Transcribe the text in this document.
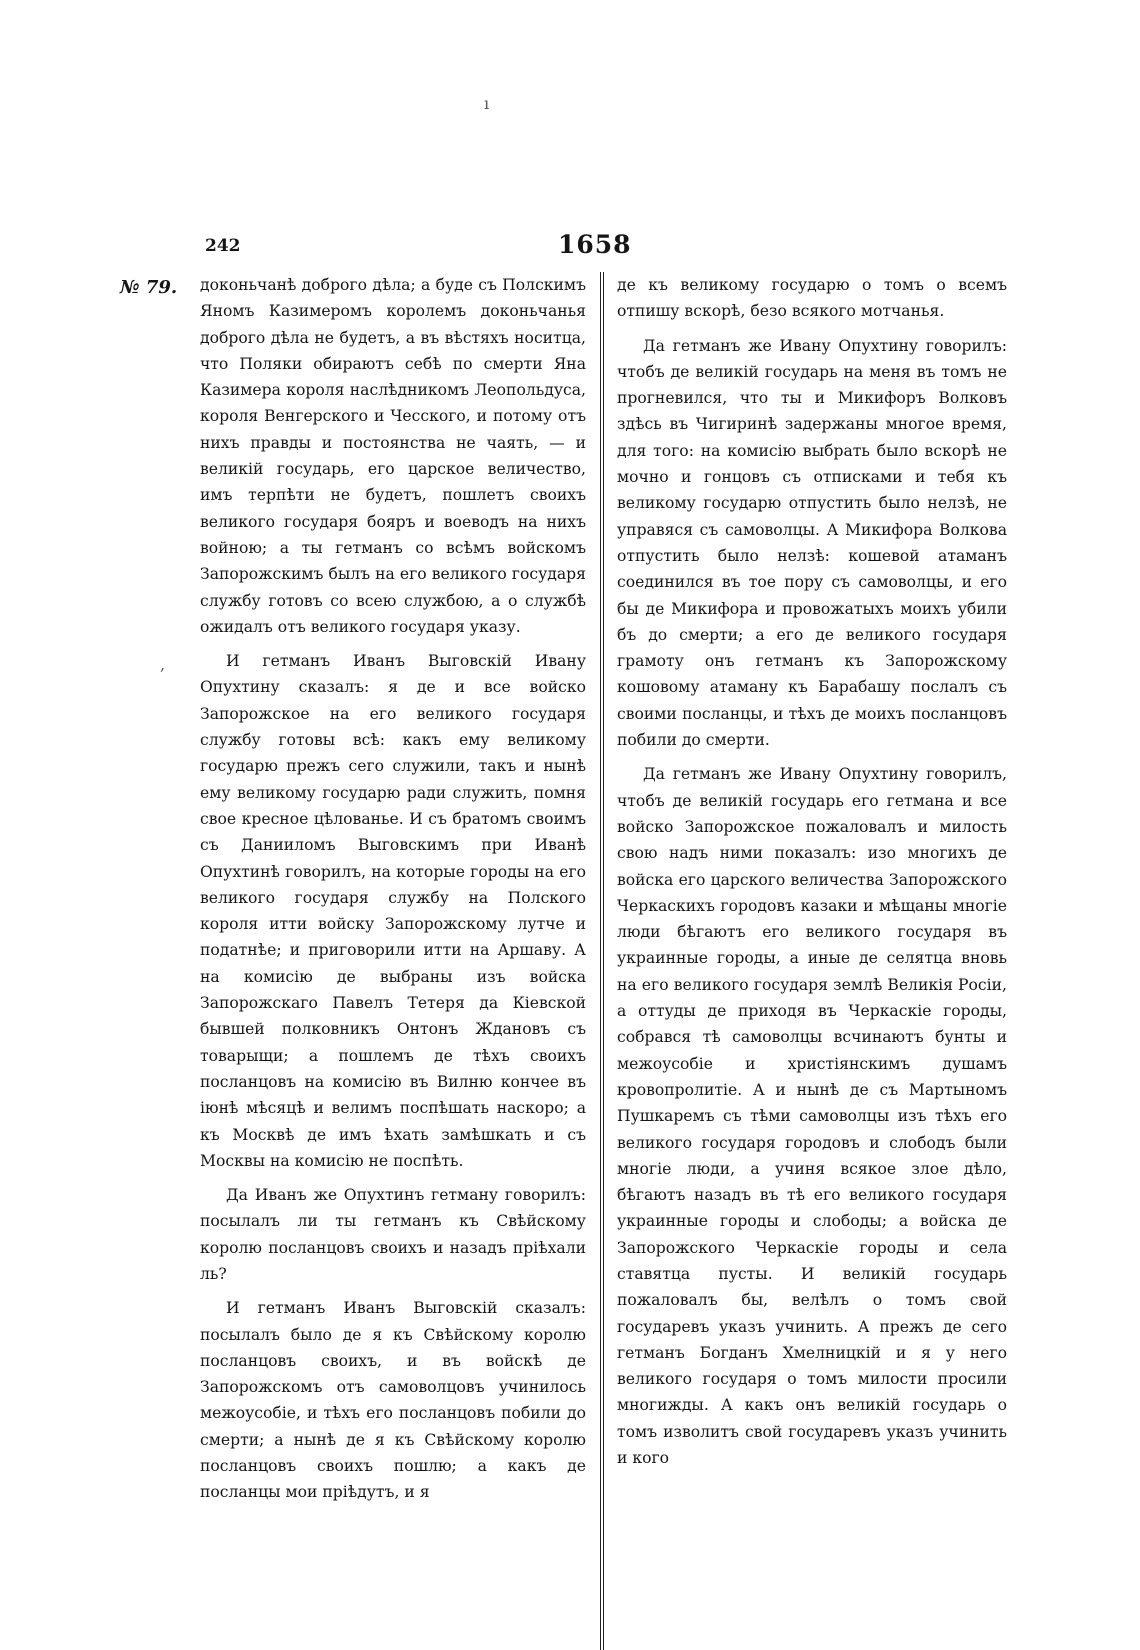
ı
,
242	1658
№ 79. доконьчанѣ доброго дѣла; а буде съ Полскимъ Яномъ Казимеромъ королемъ доконьчанья доброго дѣла не будетъ, а въ вѣстяхъ носитца, что Поляки обираютъ себѣ по смерти Яна Казимера короля наслѣдникомъ Леопольдуса, короля Венгерского и Чесского, и потому отъ нихъ правды и постоянства не чаять, — и великій государь, его царское величество, имъ терпѣти не будетъ, пошлетъ своихъ великого государя бояръ и воеводъ на нихъ войною; а ты гетманъ со всѣмъ войскомъ Запорожскимъ былъ на его великого государя службу готовъ со всею службою, а о службѣ ожидалъ отъ великого государя указу.

И гетманъ Иванъ Выговскій Ивану Опухтину сказалъ: я де и все войско Запорожское на его великого государя службу готовы всѣ: какъ ему великому государю прежъ сего служили, такъ и нынѣ ему великому государю ради служить, помня свое кресное цѣлованье. И съ братомъ своимъ съ Данииломъ Выговскимъ при Иванѣ Опухтинѣ говорилъ, на которые городы на его великого государя службу на Полского короля итти войску Запорожскому лутче и податнѣе; и приговорили итти на Аршаву. А на комисію де выбраны изъ войска Запорожскаго Павелъ Тетеря да Кіевской бывшей полковникъ Онтонъ Ждановъ съ товарыщи; а пошлемъ де тѣхъ своихъ посланцовъ на комисію въ Вилню кончее въ іюнѣ мѣсяцѣ и велимъ поспѣшать наскоро; а къ Москвѣ де имъ ѣхать замѣшкать и съ Москвы на комисію не поспѣть.

Да Иванъ же Опухтинъ гетману говорилъ: посылалъ ли ты гетманъ къ Свѣйскому королю посланцовъ своихъ и назадъ пріѣхали ль?

И гетманъ Иванъ Выговскій сказалъ: посылалъ было де я къ Свѣйскому королю посланцовъ своихъ, и въ войскѣ де Запорожскомъ отъ самоволцовъ учинилось межоусобіе, и тѣхъ его посланцовъ побили до смерти; а нынѣ де я къ Свѣйскому королю посланцовъ своихъ пошлю; а какъ де посланцы мои пріѣдутъ, и я

де къ великому государю о томъ о всемъ отпишу вскорѣ, безо всякого мотчанья.

Да гетманъ же Ивану Опухтину говорилъ: чтобъ де великій государь на меня въ томъ не прогневился, что ты и Микифоръ Волковъ здѣсь въ Чигиринѣ задержаны многое время, для того: на комисію выбрать было вскорѣ не мочно и гонцовъ съ отписками и тебя къ великому государю отпустить было нелзѣ, не управяся съ самоволцы. А Микифора Волкова отпустить было нелзѣ: кошевой атаманъ соединился въ тое пору съ самоволцы, и его бы де Микифора и провожатыхъ моихъ убили бъ до смерти; а его де великого государя грамоту онъ гетманъ къ Запорожскому кошовому атаману къ Барабашу послалъ съ своими посланцы, и тѣхъ де моихъ посланцовъ побили до смерти.

Да гетманъ же Ивану Опухтину говорилъ, чтобъ де великій государь его гетмана и все войско Запорожское пожаловалъ и милость свою надъ ними показалъ: изо многихъ де войска его царского величества Запорожского Черкаскихъ городовъ казаки и мѣщаны многіе люди бѣгаютъ его великого государя въ украинные городы, а иные де селятца вновь на его великого государя землѣ Великія Росіи, а оттуды де приходя въ Черкаскіе городы, собрався тѣ самоволцы всчинаютъ бунты и межоусобіе и христіянскимъ душамъ кровопролитіе. А и нынѣ де съ Мартыномъ Пушкаремъ съ тѣми самоволцы изъ тѣхъ его великого государя городовъ и слободъ были многіе люди, а учиня всякое злое дѣло, бѣгаютъ назадъ въ тѣ его великого государя украинные городы и слободы; а войска де Запорожского Черкаскіе городы и села ставятца пусты. И великій государь пожаловалъ бы, велѣлъ о томъ свой государевъ указъ учинить. А прежъ де сего гетманъ Богданъ Хмелницкій и я у него великого государя о томъ милости просили многижды. А какъ онъ великій государь о томъ изволитъ свой государевъ указъ учинить и кого
